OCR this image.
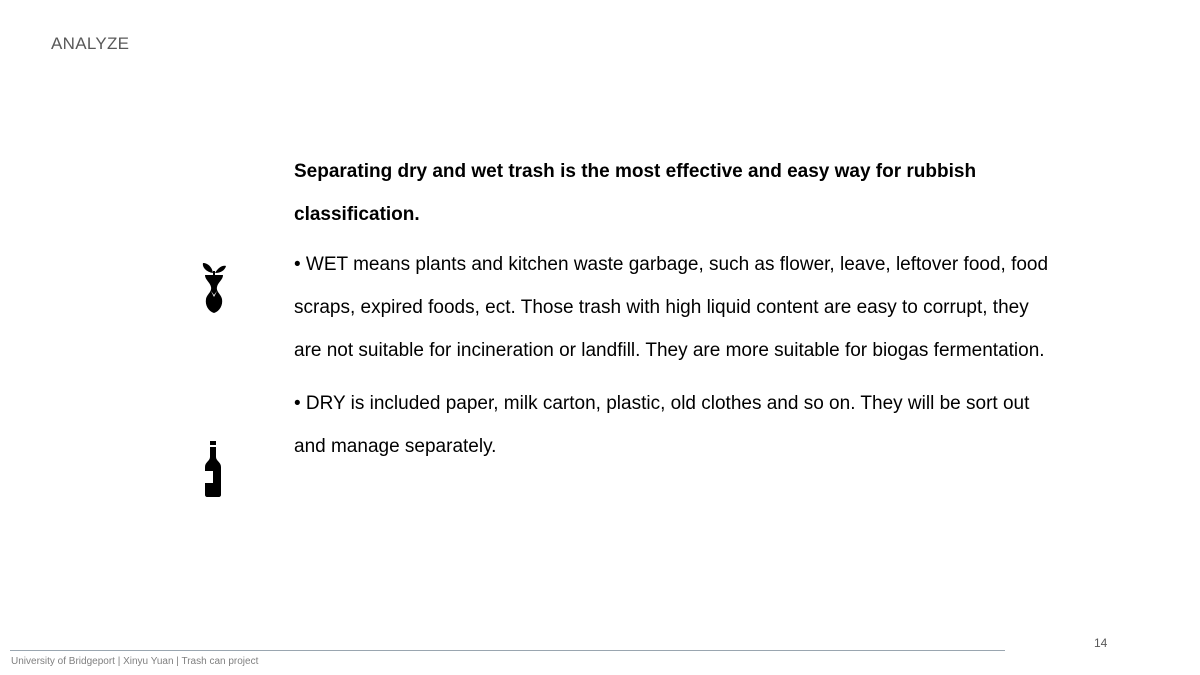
ANALYZE

Separating dry and wet trash is the most effective and easy way for rubbish classification.

• WET means plants and kitchen waste garbage, such as flower, leave, leftover food, food scraps, expired foods, ect. Those trash with high liquid content are easy to corrupt, they are not suitable for incineration or landfill. They are more suitable for biogas fermentation.

• DRY is included paper, milk carton, plastic, old clothes and so on. They will be sort out and manage separately.

14
University of Bridgeport | Xinyu Yuan | Trash can project
